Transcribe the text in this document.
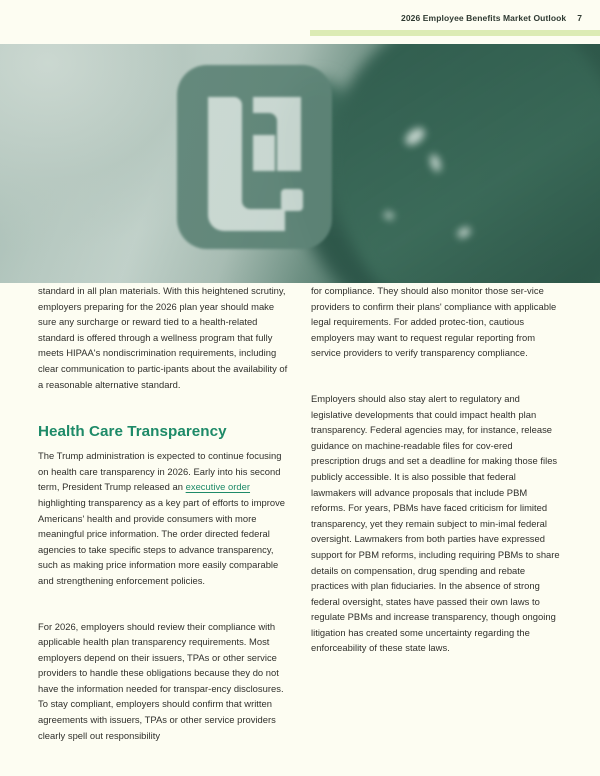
2026 Employee Benefits Market Outlook 7

standard in all plan materials. With this heightened scrutiny, employers preparing for the 2026 plan year should make sure any surcharge or reward tied to a health-related standard is offered through a wellness program that fully meets HIPAA's nondiscrimination requirements, including clear communication to partic-ipants about the availability of a reasonable alternative standard.

Health Care Transparency

The Trump administration is expected to continue focusing on health care transparency in 2026. Early into his second term, President Trump released an executive order highlighting transparency as a key part of efforts to improve Americans' health and provide consumers with more meaningful price information. The order directed federal agencies to take specific steps to advance transparency, such as making price information more easily comparable and strengthening enforcement policies.

For 2026, employers should review their compliance with applicable health plan transparency requirements. Most employers depend on their issuers, TPAs or other service providers to handle these obligations because they do not have the information needed for transpar-ency disclosures. To stay compliant, employers should confirm that written agreements with issuers, TPAs or other service providers clearly spell out responsibility

for compliance. They should also monitor those ser-vice providers to confirm their plans' compliance with applicable legal requirements. For added protec-tion, cautious employers may want to request regular reporting from service providers to verify transparency compliance.

Employers should also stay alert to regulatory and legislative developments that could impact health plan transparency. Federal agencies may, for instance, release guidance on machine-readable files for cov-ered prescription drugs and set a deadline for making those files publicly accessible. It is also possible that federal lawmakers will advance proposals that include PBM reforms. For years, PBMs have faced criticism for limited transparency, yet they remain subject to min-imal federal oversight. Lawmakers from both parties have expressed support for PBM reforms, including requiring PBMs to share details on compensation, drug spending and rebate practices with plan fiduciaries. In the absence of strong federal oversight, states have passed their own laws to regulate PBMs and increase transparency, though ongoing litigation has created some uncertainty regarding the enforceability of these state laws.
